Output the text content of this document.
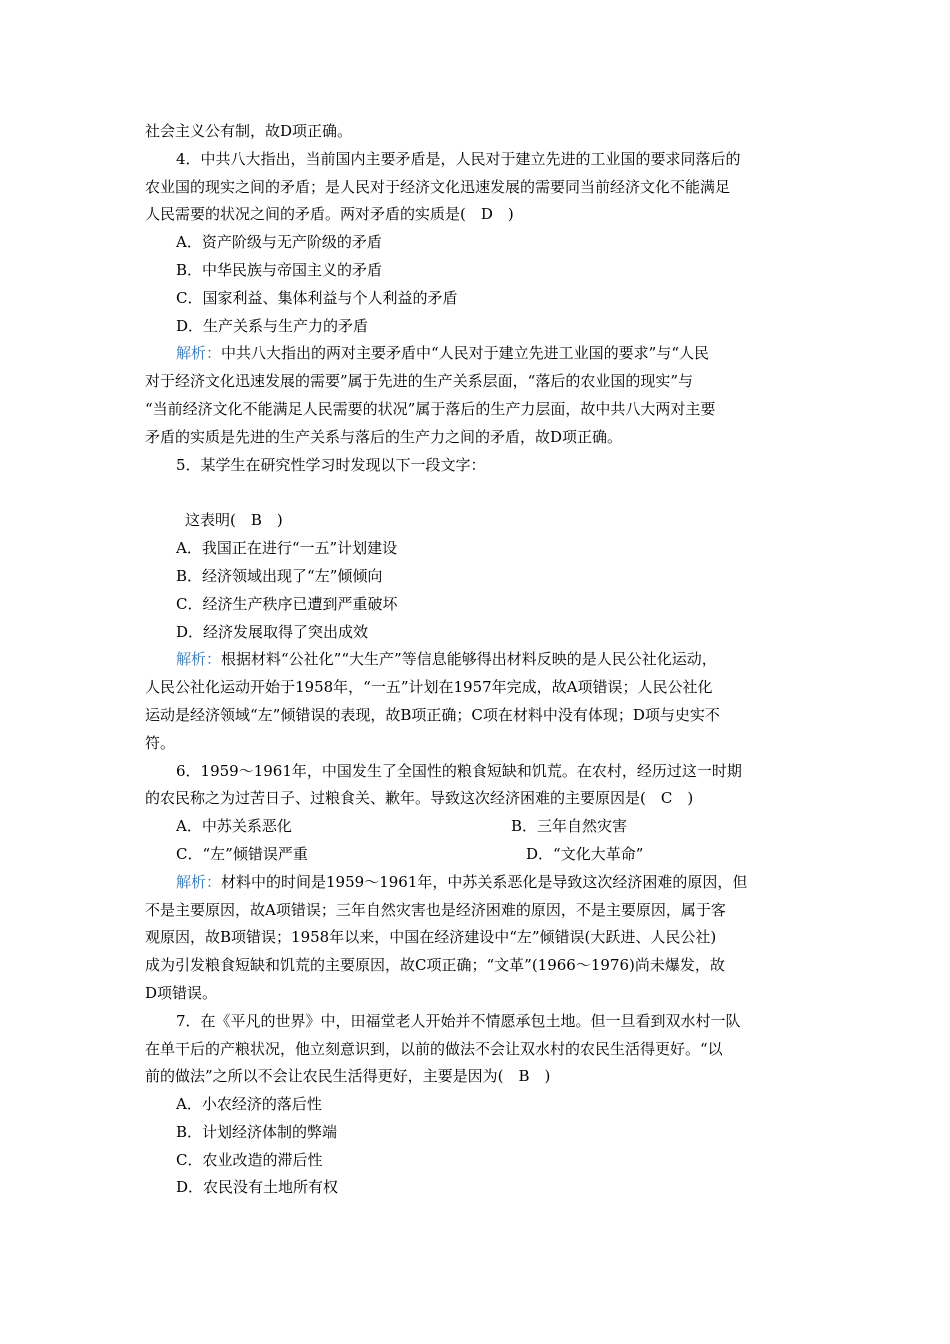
社会主义公有制，故D项正确。
4．中共八大指出，当前国内主要矛盾是，人民对于建立先进的工业国的要求同落后的
农业国的现实之间的矛盾；是人民对于经济文化迅速发展的需要同当前经济文化不能满足
人民需要的状况之间的矛盾。两对矛盾的实质是(　D　)
A．资产阶级与无产阶级的矛盾
B．中华民族与帝国主义的矛盾
C．国家利益、集体利益与个人利益的矛盾
D．生产关系与生产力的矛盾
解析：中共八大指出的两对主要矛盾中“人民对于建立先进工业国的要求”与“人民
对于经济文化迅速发展的需要”属于先进的生产关系层面，“落后的农业国的现实”与
“当前经济文化不能满足人民需要的状况”属于落后的生产力层面，故中共八大两对主要
矛盾的实质是先进的生产关系与落后的生产力之间的矛盾，故D项正确。
5．某学生在研究性学习时发现以下一段文字：
这表明(　B　)
A．我国正在进行“一五”计划建设
B．经济领域出现了“左”倾倾向
C．经济生产秩序已遭到严重破坏
D．经济发展取得了突出成效
解析：根据材料“公社化”“大生产”等信息能够得出材料反映的是人民公社化运动，
人民公社化运动开始于1958年，“一五”计划在1957年完成，故A项错误；人民公社化
运动是经济领域“左”倾错误的表现，故B项正确；C项在材料中没有体现；D项与史实不
符。
6．1959～1961年，中国发生了全国性的粮食短缺和饥荒。在农村，经历过这一时期
的农民称之为过苦日子、过粮食关、歉年。导致这次经济困难的主要原因是(　C　)
A．中苏关系恶化	B．三年自然灾害
C．“左”倾错误严重	D．“文化大革命”
解析：材料中的时间是1959～1961年，中苏关系恶化是导致这次经济困难的原因，但
不是主要原因，故A项错误；三年自然灾害也是经济困难的原因，不是主要原因，属于客
观原因，故B项错误；1958年以来，中国在经济建设中“左”倾错误(大跃进、人民公社)
成为引发粮食短缺和饥荒的主要原因，故C项正确；“文革”(1966～1976)尚未爆发，故
D项错误。
7．在《平凡的世界》中，田福堂老人开始并不情愿承包土地。但一旦看到双水村一队
在单干后的产粮状况，他立刻意识到，以前的做法不会让双水村的农民生活得更好。“以
前的做法”之所以不会让农民生活得更好，主要是因为(　B　)
A．小农经济的落后性
B．计划经济体制的弊端
C．农业改造的滞后性
D．农民没有土地所有权
